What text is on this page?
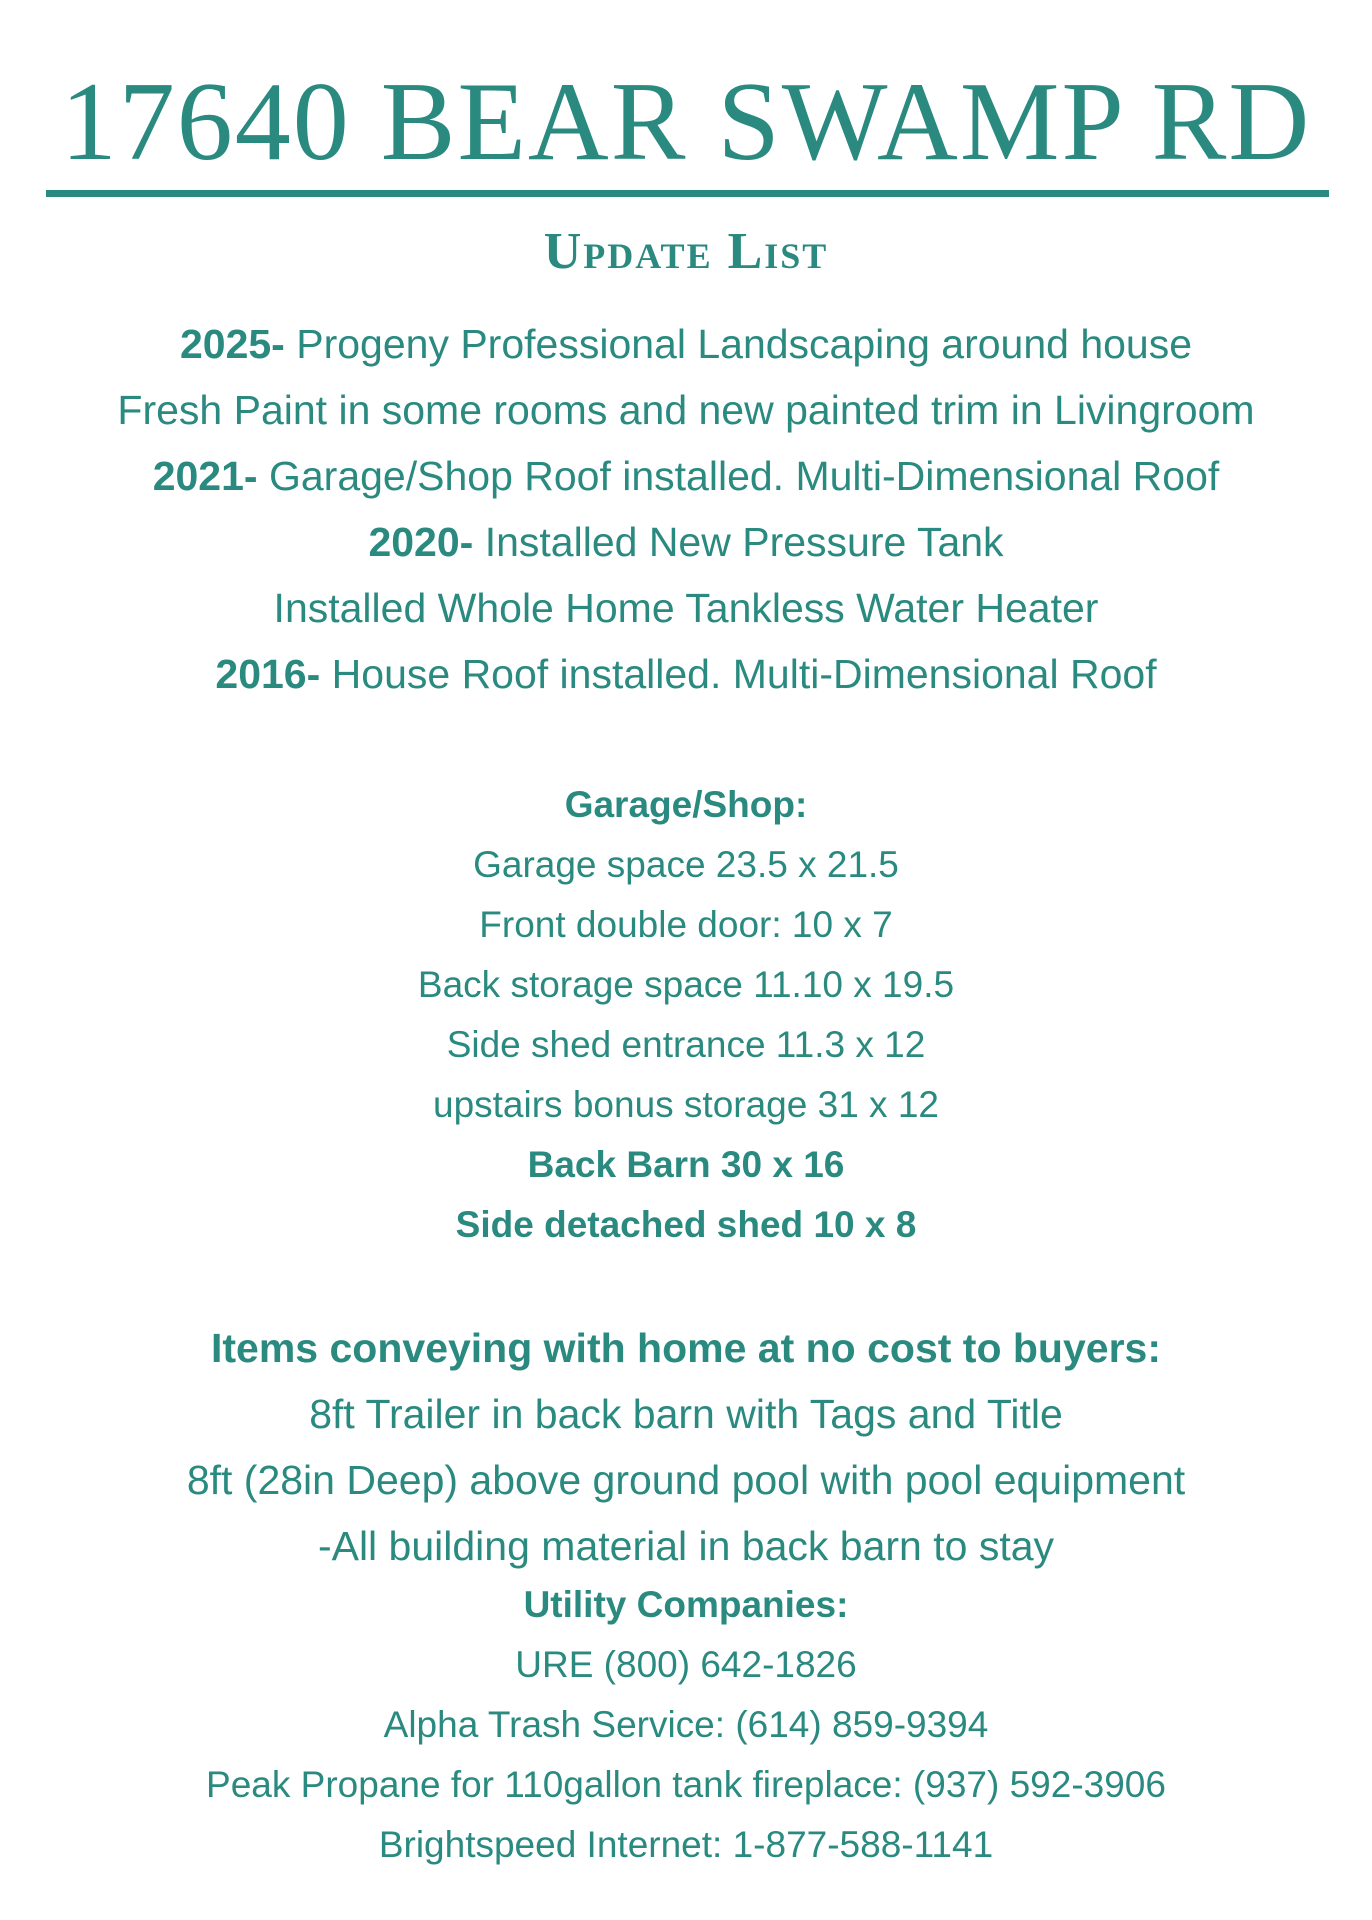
17640 BEAR SWAMP RD
Update List
2025- Progeny Professional Landscaping around house
Fresh Paint in some rooms and new painted trim in Livingroom
2021- Garage/Shop Roof installed. Multi-Dimensional Roof
2020- Installed New Pressure Tank
Installed Whole Home Tankless Water Heater
2016- House Roof installed. Multi-Dimensional Roof
Garage/Shop:
Garage space 23.5 x 21.5
Front double door: 10 x 7
Back storage space 11.10 x 19.5
Side shed entrance 11.3 x 12
upstairs bonus storage 31 x 12
Back Barn 30 x 16
Side detached shed 10 x 8
Items conveying with home at no cost to buyers:
8ft Trailer in back barn with Tags and Title
8ft (28in Deep) above ground pool with pool equipment
-All building material in back barn to stay
Utility Companies:
URE (800) 642-1826
Alpha Trash Service: (614) 859-9394
Peak Propane for 110gallon tank fireplace: (937) 592-3906
Brightspeed Internet: 1-877-588-1141
